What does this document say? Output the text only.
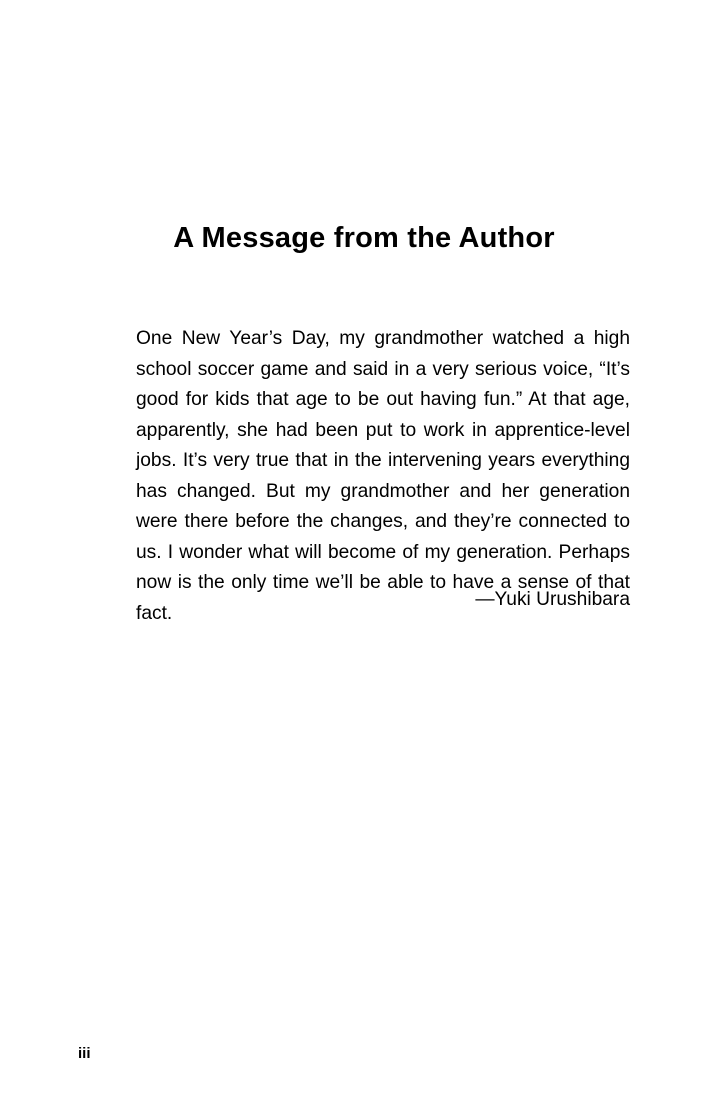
A Message from the Author

One New Year’s Day, my grandmother watched a high school soccer game and said in a very serious voice, “It’s good for kids that age to be out having fun.” At that age, apparently, she had been put to work in apprentice-level jobs. It’s very true that in the intervening years everything has changed. But my grandmother and her generation were there before the changes, and they’re connected to us. I wonder what will become of my generation. Perhaps now is the only time we’ll be able to have a sense of that fact.

—Yuki Urushibara
iii
